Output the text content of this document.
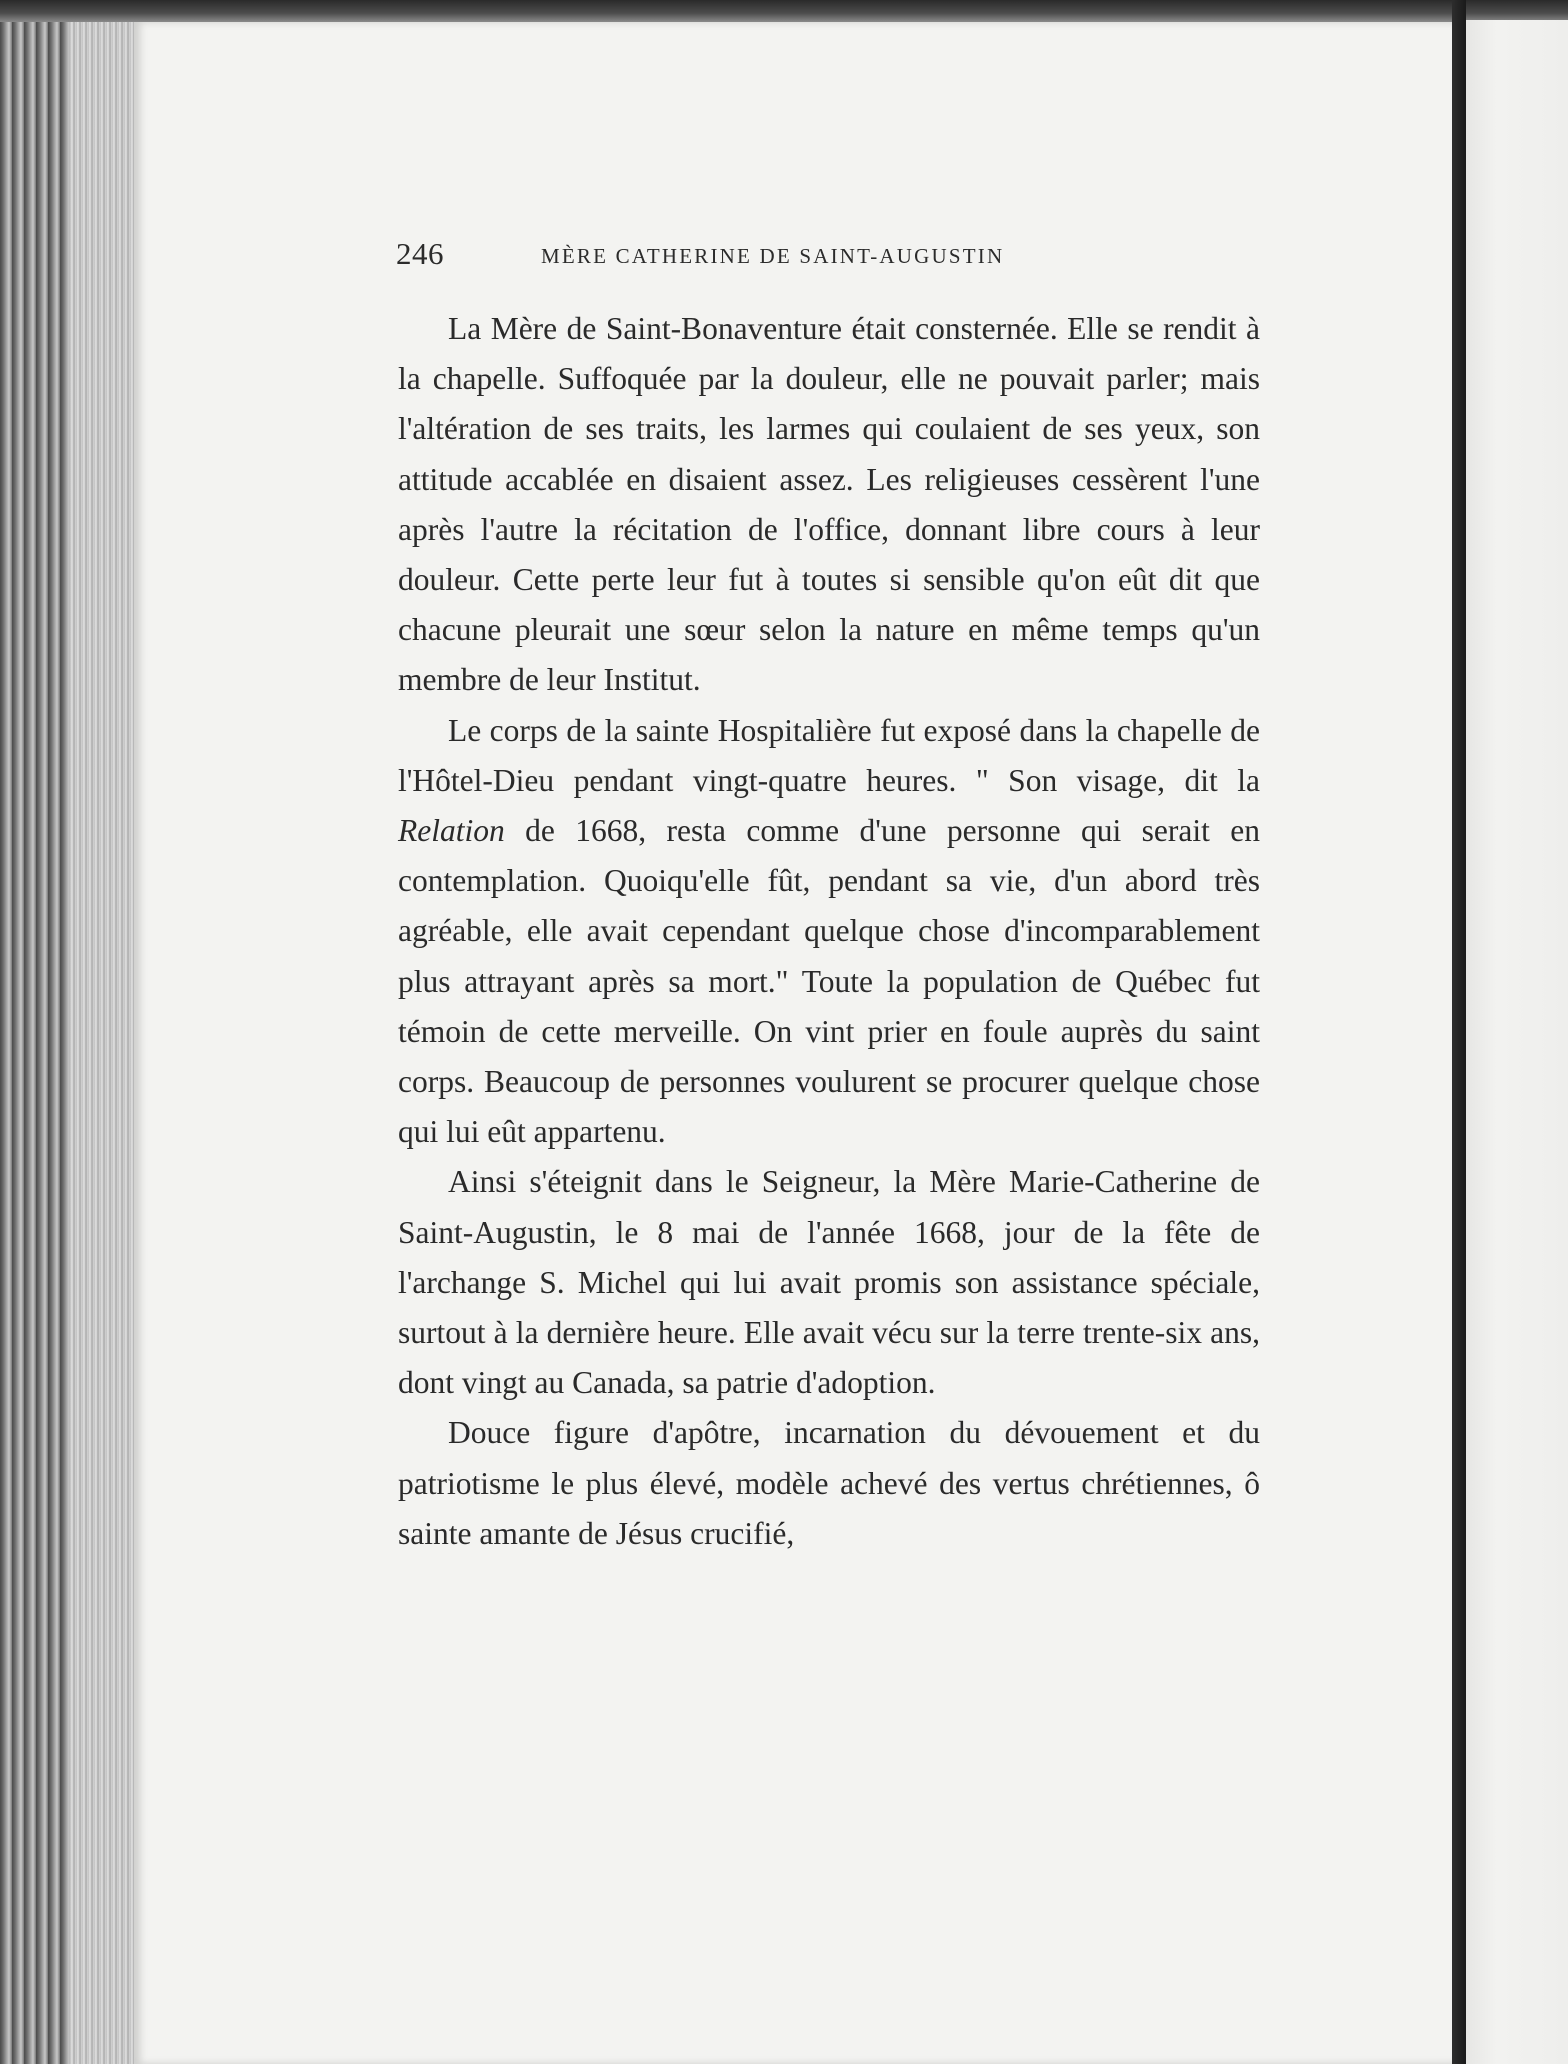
246	MÈRE CATHERINE DE SAINT-AUGUSTIN

La Mère de Saint-Bonaventure était consternée. Elle se rendit à la chapelle. Suffoquée par la douleur, elle ne pouvait parler; mais l'altération de ses traits, les larmes qui coulaient de ses yeux, son attitude accablée en disaient assez. Les religieuses cessèrent l'une après l'autre la récitation de l'office, donnant libre cours à leur douleur. Cette perte leur fut à toutes si sensible qu'on eût dit que chacune pleurait une sœur selon la nature en même temps qu'un membre de leur Institut.

Le corps de la sainte Hospitalière fut exposé dans la chapelle de l'Hôtel-Dieu pendant vingt-quatre heures. " Son visage, dit la Relation de 1668, resta comme d'une personne qui serait en contemplation. Quoiqu'elle fût, pendant sa vie, d'un abord très agréable, elle avait cependant quelque chose d'incomparablement plus attrayant après sa mort." Toute la population de Québec fut témoin de cette merveille. On vint prier en foule auprès du saint corps. Beaucoup de personnes voulurent se procurer quelque chose qui lui eût appartenu.

Ainsi s'éteignit dans le Seigneur, la Mère Marie-Catherine de Saint-Augustin, le 8 mai de l'année 1668, jour de la fête de l'archange S. Michel qui lui avait promis son assistance spéciale, surtout à la dernière heure. Elle avait vécu sur la terre trente-six ans, dont vingt au Canada, sa patrie d'adoption.

Douce figure d'apôtre, incarnation du dévouement et du patriotisme le plus élevé, modèle achevé des vertus chrétiennes, ô sainte amante de Jésus crucifié,
